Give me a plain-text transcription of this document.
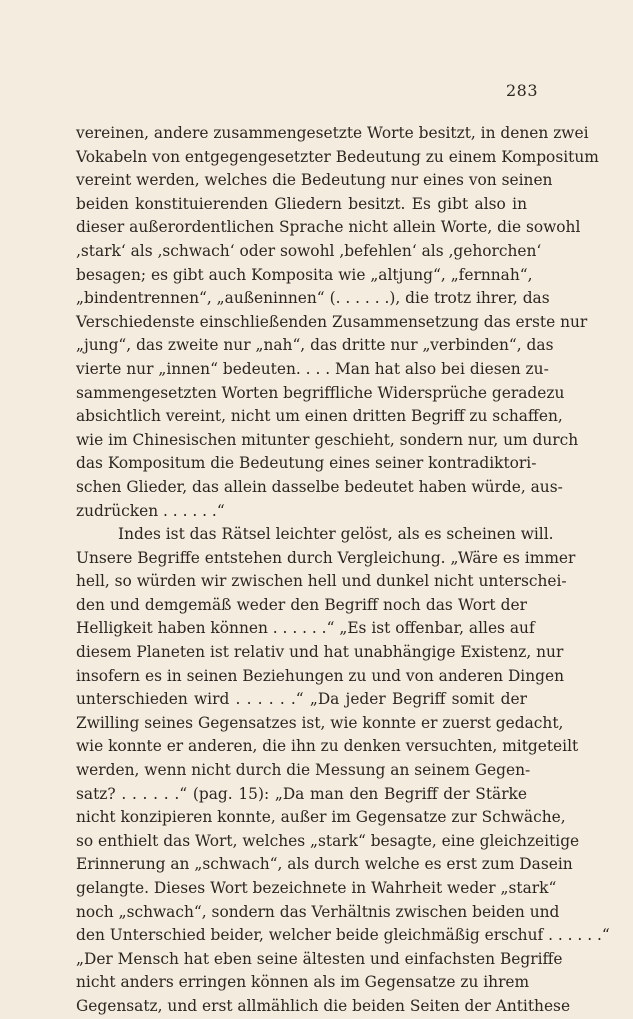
283

vereinen, andere zusammengesetzte Worte besitzt, in denen zwei
Vokabeln von entgegengesetzter Bedeutung zu einem Kompositum
vereint werden, welches die Bedeutung nur eines von seinen
beiden konstituierenden Gliedern besitzt. Es gibt also in
dieser außerordentlichen Sprache nicht allein Worte, die sowohl
‚stark‘ als ‚schwach‘ oder sowohl ‚befehlen‘ als ‚gehorchen‘
besagen; es gibt auch Komposita wie „altjung“, „fernnah“,
„bindentrennen“, „außeninnen“ (. . . . . .), die trotz ihrer, das
Verschiedenste einschließenden Zusammensetzung das erste nur
„jung“, das zweite nur „nah“, das dritte nur „verbinden“, das
vierte nur „innen“ bedeuten. . . . Man hat also bei diesen zu-
sammengesetzten Worten begriffliche Widersprüche geradezu
absichtlich vereint, nicht um einen dritten Begriff zu schaffen,
wie im Chinesischen mitunter geschieht, sondern nur, um durch
das Kompositum die Bedeutung eines seiner kontradiktori-
schen Glieder, das allein dasselbe bedeutet haben würde, aus-
zudrücken . . . . . .“
Indes ist das Rätsel leichter gelöst, als es scheinen will.
Unsere Begriffe entstehen durch Vergleichung. „Wäre es immer
hell, so würden wir zwischen hell und dunkel nicht unterschei-
den und demgemäß weder den Begriff noch das Wort der
Helligkeit haben können . . . . . .“ „Es ist offenbar, alles auf
diesem Planeten ist relativ und hat unabhängige Existenz, nur
insofern es in seinen Beziehungen zu und von anderen Dingen
unterschieden wird . . . . . .“ „Da jeder Begriff somit der
Zwilling seines Gegensatzes ist, wie konnte er zuerst gedacht,
wie konnte er anderen, die ihn zu denken versuchten, mitgeteilt
werden, wenn nicht durch die Messung an seinem Gegen-
satz? . . . . . .“ (pag. 15): „Da man den Begriff der Stärke
nicht konzipieren konnte, außer im Gegensatze zur Schwäche,
so enthielt das Wort, welches „stark“ besagte, eine gleichzeitige
Erinnerung an „schwach“, als durch welche es erst zum Dasein
gelangte. Dieses Wort bezeichnete in Wahrheit weder „stark“
noch „schwach“, sondern das Verhältnis zwischen beiden und
den Unterschied beider, welcher beide gleichmäßig erschuf . . . . . .“
„Der Mensch hat eben seine ältesten und einfachsten Begriffe
nicht anders erringen können als im Gegensatze zu ihrem
Gegensatz, und erst allmählich die beiden Seiten der Antithese
